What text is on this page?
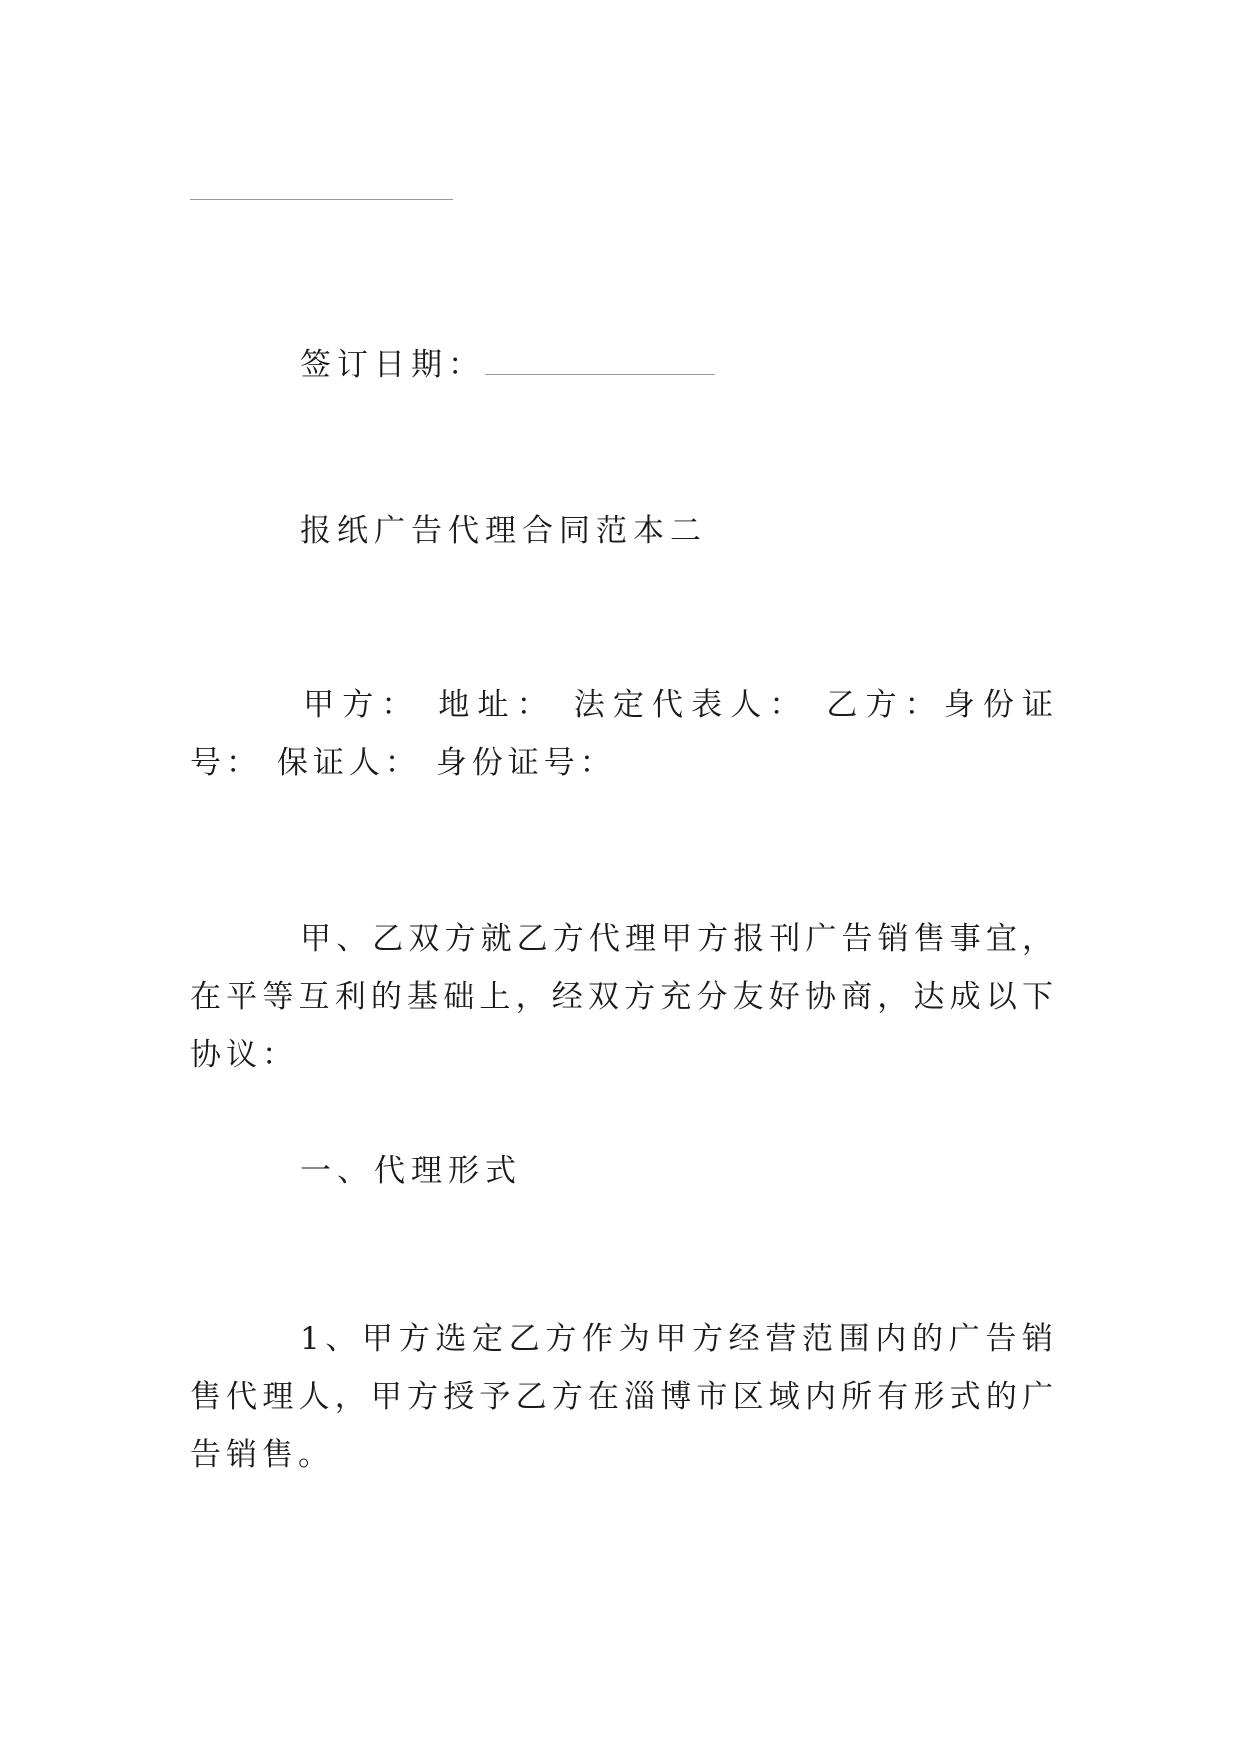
签订日期：
报纸广告代理合同范本二
甲方： 地址： 法定代表人： 乙方：身份证号： 保证人： 身份证号：
甲、乙双方就乙方代理甲方报刊广告销售事宜，在平等互利的基础上，经双方充分友好协商，达成以下协议：
一、代理形式
1、甲方选定乙方作为甲方经营范围内的广告销售代理人，甲方授予乙方在淄博市区域内所有形式的广告销售。
